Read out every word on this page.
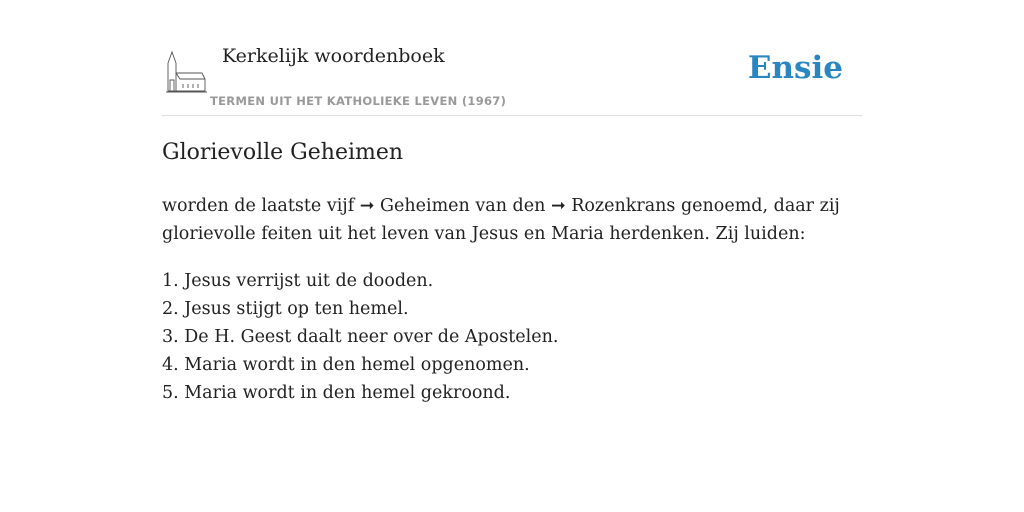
Kerkelijk woordenboek
TERMEN UIT HET KATHOLIEKE LEVEN (1967)
Ensie
Glorievolle Geheimen

worden de laatste vijf ➞ Geheimen van den ➞ Rozenkrans genoemd, daar zij glorievolle feiten uit het leven van Jesus en Maria herdenken. Zij luiden:

1. Jesus verrijst uit de dooden.
2. Jesus stijgt op ten hemel.
3. De H. Geest daalt neer over de Apostelen.
4. Maria wordt in den hemel opgenomen.
5. Maria wordt in den hemel gekroond.
